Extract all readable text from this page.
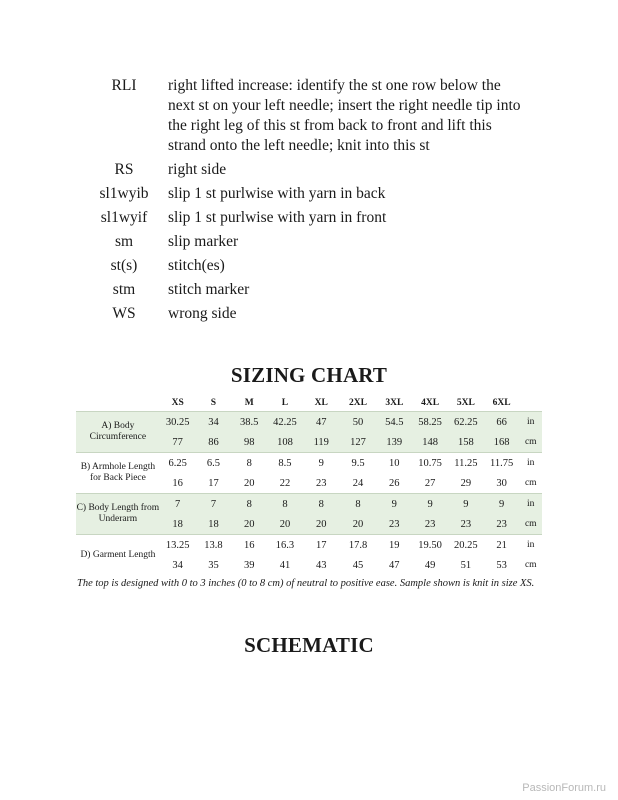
RLI	right lifted increase: identify the st one row below the next st on your left needle; insert the right needle tip into the right leg of this st from back to front and lift this strand onto the left needle; knit into this st
RS	right side
sl1wyib	slip 1 st purlwise with yarn in back
sl1wyif	slip 1 st purlwise with yarn in front
sm	slip marker
st(s)	stitch(es)
stm	stitch marker
WS	wrong side
SIZING CHART
	XS	S	M	L	XL	2XL	3XL	4XL	5XL	6XL	
A) Body Circumference	30.25	34	38.5	42.25	47	50	54.5	58.25	62.25	66	in
	77	86	98	108	119	127	139	148	158	168	cm
B) Armhole Length for Back Piece	6.25	6.5	8	8.5	9	9.5	10	10.75	11.25	11.75	in
	16	17	20	22	23	24	26	27	29	30	cm
C) Body Length from Underarm	7	7	8	8	8	8	9	9	9	9	in
	18	18	20	20	20	20	23	23	23	23	cm
D) Garment Length	13.25	13.8	16	16.3	17	17.8	19	19.50	20.25	21	in
	34	35	39	41	43	45	47	49	51	53	cm
The top is designed with 0 to 3 inches (0 to 8 cm) of neutral to positive ease. Sample shown is knit in size XS.
SCHEMATIC
PassionForum.ru
